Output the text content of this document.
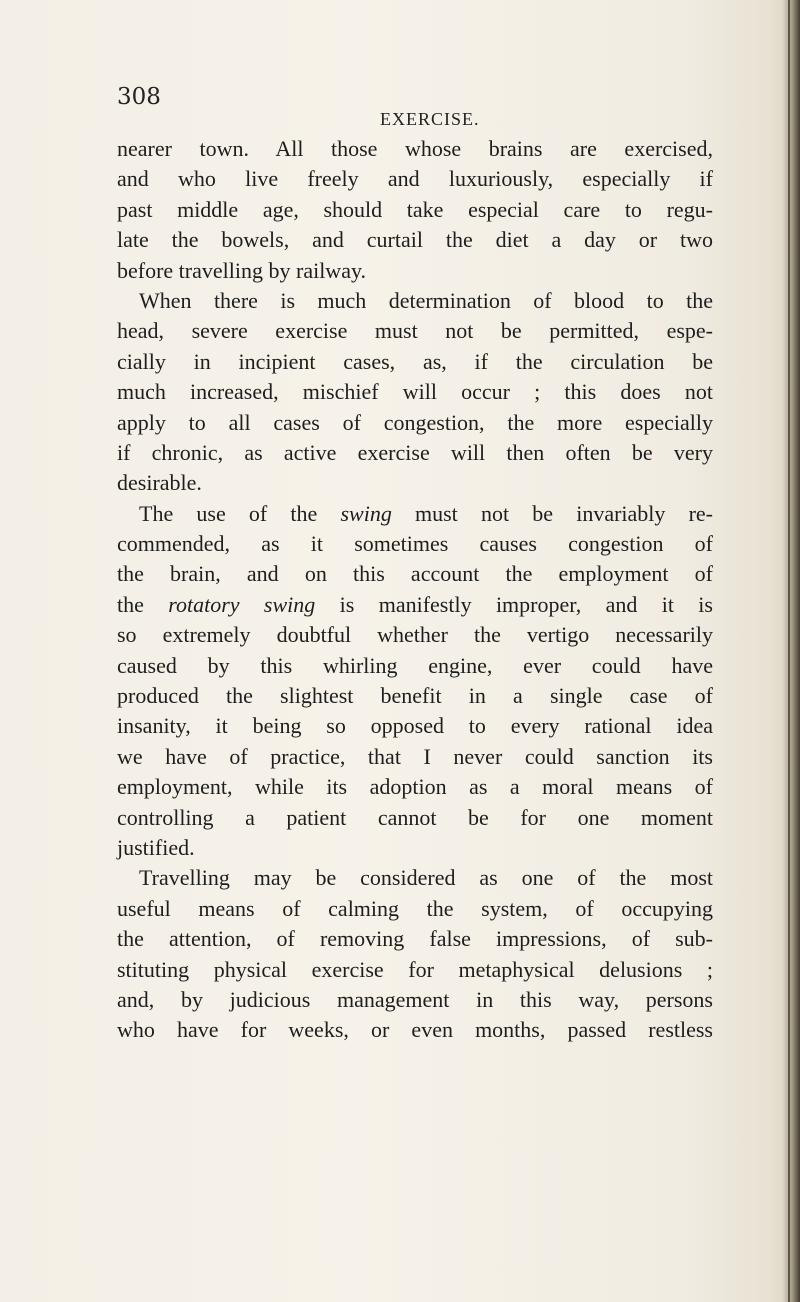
308

EXERCISE.

nearer town. All those whose brains are exercised,
and who live freely and luxuriously, especially if
past middle age, should take especial care to regu-
late the bowels, and curtail the diet a day or two
before travelling by railway.
When there is much determination of blood to the
head, severe exercise must not be permitted, espe-
cially in incipient cases, as, if the circulation be
much increased, mischief will occur ; this does not
apply to all cases of congestion, the more especially
if chronic, as active exercise will then often be very
desirable.
The use of the swing must not be invariably re-
commended, as it sometimes causes congestion of
the brain, and on this account the employment of
the rotatory swing is manifestly improper, and it is
so extremely doubtful whether the vertigo necessarily
caused by this whirling engine, ever could have
produced the slightest benefit in a single case of
insanity, it being so opposed to every rational idea
we have of practice, that I never could sanction its
employment, while its adoption as a moral means of
controlling a patient cannot be for one moment
justified.
Travelling may be considered as one of the most
useful means of calming the system, of occupying
the attention, of removing false impressions, of sub-
stituting physical exercise for metaphysical delusions ;
and, by judicious management in this way, persons
who have for weeks, or even months, passed restless
